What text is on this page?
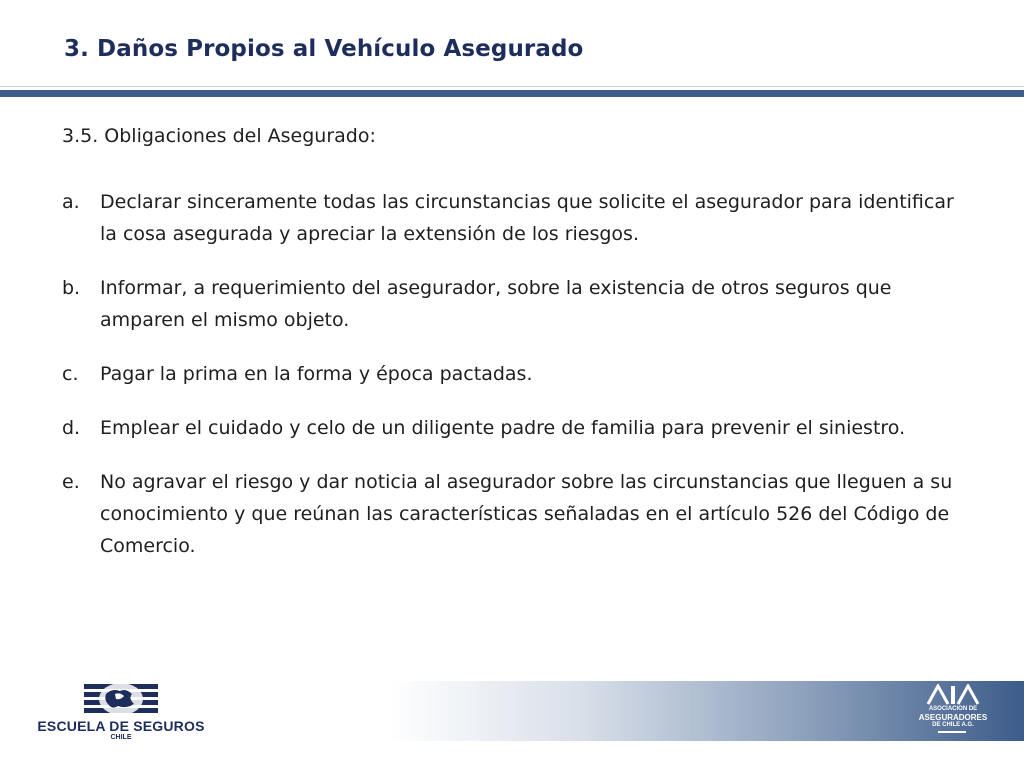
3. Daños Propios al Vehículo Asegurado
3.5. Obligaciones del Asegurado:
a.	Declarar sinceramente todas las circunstancias que solicite el asegurador para identificar la cosa asegurada y apreciar la extensión de los riesgos.
b.	Informar, a requerimiento del asegurador, sobre la existencia de otros seguros que amparen el mismo objeto.
c.	Pagar la prima en la forma y época pactadas.
d.	Emplear el cuidado y celo de un diligente padre de familia para prevenir el siniestro.
e.	No agravar el riesgo y dar noticia al asegurador sobre las circunstancias que lleguen a su conocimiento y que reúnan las características señaladas en el artículo 526 del Código de Comercio.
ESCUELA DE SEGUROS
CHILE
ASOCIACION DE
ASEGURADORES
DE CHILE A.G.
